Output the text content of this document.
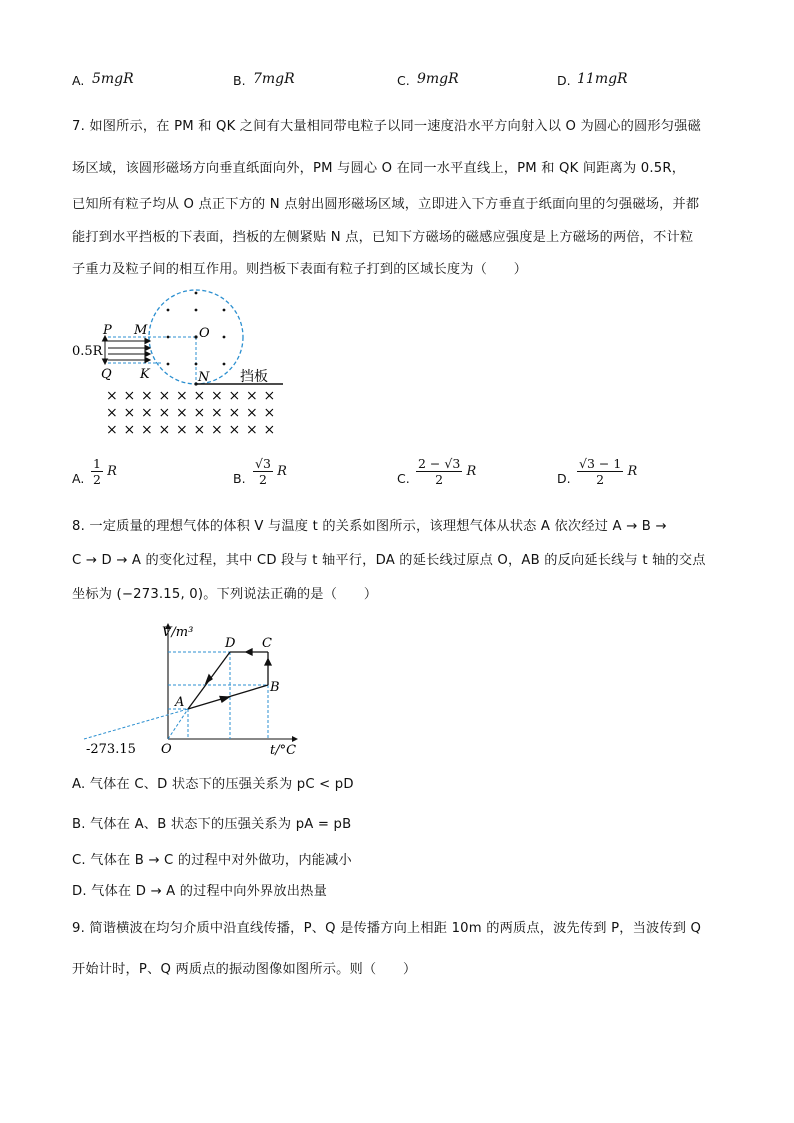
A. 5mgR	B. 7mgR	C. 9mgR	D. 11mgR
7. 如图所示，在 PM 和 QK 之间有大量相同带电粒子以同一速度沿水平方向射入以 O 为圆心的圆形匀强磁
场区域，该圆形磁场方向垂直纸面向外，PM 与圆心 O 在同一水平直线上，PM 和 QK 间距离为 0.5R，
已知所有粒子均从 O 点正下方的 N 点射出圆形磁场区域，立即进入下方垂直于纸面向里的匀强磁场，并都
能打到水平挡板的下表面，挡板的左侧紧贴 N 点，已知下方磁场的磁感应强度是上方磁场的两倍，不计粒
子重力及粒子间的相互作用。则挡板下表面有粒子打到的区域长度为（　　）
P M
Q K
O
N
0.5R
挡板
× × × × × × × × × ×
× × × × × × × × × ×
× × × × × × × × × ×
A. $\frac{1}{2}$ R	B. $\frac{√3}{2}$ R	C. $\frac{2 - √3}{2}$ R	D. $\frac{√3 - 1}{2}$ R
8. 一定质量的理想气体的体积 V 与温度 t 的关系如图所示，该理想气体从状态 A 依次经过 A → B →
C → D → A 的变化过程，其中 CD 段与 t 轴平行，DA 的延长线过原点 O，AB 的反向延长线与 t 轴的交点
坐标为 (−273.15, 0)。下列说法正确的是（　　）
V/m³
t/°C
O
-273.15
A
B
C
D
A. 气体在 C、D 状态下的压强关系为 pC < pD
B. 气体在 A、B 状态下的压强关系为 pA = pB
C. 气体在 B → C 的过程中对外做功，内能减小
D. 气体在 D → A 的过程中向外界放出热量
9. 简谐横波在均匀介质中沿直线传播，P、Q 是传播方向上相距 10m 的两质点，波先传到 P，当波传到 Q
开始计时，P、Q 两质点的振动图像如图所示。则（　　）
